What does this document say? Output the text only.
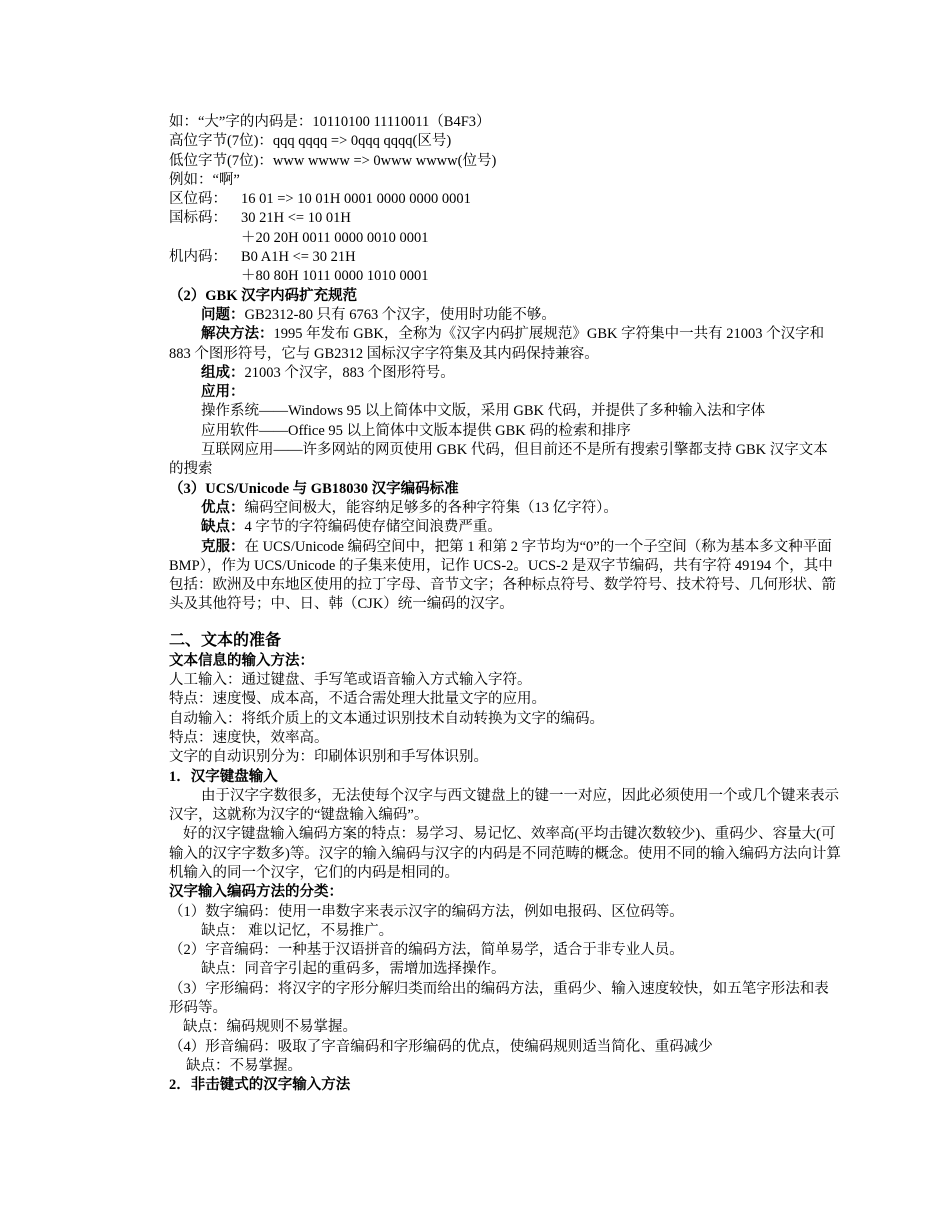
如：“大”字的内码是：10110100 11110011（B4F3）
高位字节(7位)：qqq qqqq => 0qqq qqqq(区号)
低位字节(7位)：www wwww => 0www wwww(位号)
例如：“啊”
区位码： 16 01 => 10 01H 0001 0000 0000 0001
国标码： 30 21H <= 10 01H
＋20 20H 0011 0000 0010 0001
机内码： B0 A1H <= 30 21H
＋80 80H 1011 0000 1010 0001
（2）GBK 汉字内码扩充规范
问题：GB2312-80 只有 6763 个汉字，使用时功能不够。
解决方法：1995 年发布 GBK，全称为《汉字内码扩展规范》GBK 字符集中一共有 21003 个汉字和 883 个图形符号，它与 GB2312 国标汉字字符集及其内码保持兼容。
组成：21003 个汉字，883 个图形符号。
应用：
操作系统——Windows 95 以上简体中文版，采用 GBK 代码，并提供了多种输入法和字体
应用软件——Office 95 以上简体中文版本提供 GBK 码的检索和排序
互联网应用——许多网站的网页使用 GBK 代码，但目前还不是所有搜索引擎都支持 GBK 汉字文本的搜索
（3）UCS/Unicode 与 GB18030 汉字编码标准
优点：编码空间极大，能容纳足够多的各种字符集（13 亿字符）。
缺点：4 字节的字符编码使存储空间浪费严重。
克服：在 UCS/Unicode 编码空间中，把第 1 和第 2 字节均为“0”的一个子空间（称为基本多文种平面 BMP），作为 UCS/Unicode 的子集来使用，记作 UCS-2。UCS-2 是双字节编码，共有字符 49194 个，其中包括：欧洲及中东地区使用的拉丁字母、音节文字；各种标点符号、数学符号、技术符号、几何形状、箭头及其他符号；中、日、韩（CJK）统一编码的汉字。
二、文本的准备
文本信息的输入方法：
人工输入：通过键盘、手写笔或语音输入方式输入字符。
特点：速度慢、成本高，不适合需处理大批量文字的应用。
自动输入：将纸介质上的文本通过识别技术自动转换为文字的编码。
特点：速度快，效率高。
文字的自动识别分为：印刷体识别和手写体识别。
1．汉字键盘输入
由于汉字字数很多，无法使每个汉字与西文键盘上的键一一对应，因此必须使用一个或几个键来表示汉字，这就称为汉字的“键盘输入编码”。
好的汉字键盘输入编码方案的特点：易学习、易记忆、效率高(平均击键次数较少)、重码少、容量大(可输入的汉字字数多)等。汉字的输入编码与汉字的内码是不同范畴的概念。使用不同的输入编码方法向计算机输入的同一个汉字，它们的内码是相同的。
汉字输入编码方法的分类：
（1）数字编码：使用一串数字来表示汉字的编码方法，例如电报码、区位码等。
缺点： 难以记忆，不易推广。
（2）字音编码：一种基于汉语拼音的编码方法，简单易学，适合于非专业人员。
缺点：同音字引起的重码多，需增加选择操作。
（3）字形编码：将汉字的字形分解归类而给出的编码方法，重码少、输入速度较快，如五笔字形法和表形码等。
缺点：编码规则不易掌握。
（4）形音编码：吸取了字音编码和字形编码的优点，使编码规则适当简化、重码减少
缺点：不易掌握。
2．非击键式的汉字输入方法
